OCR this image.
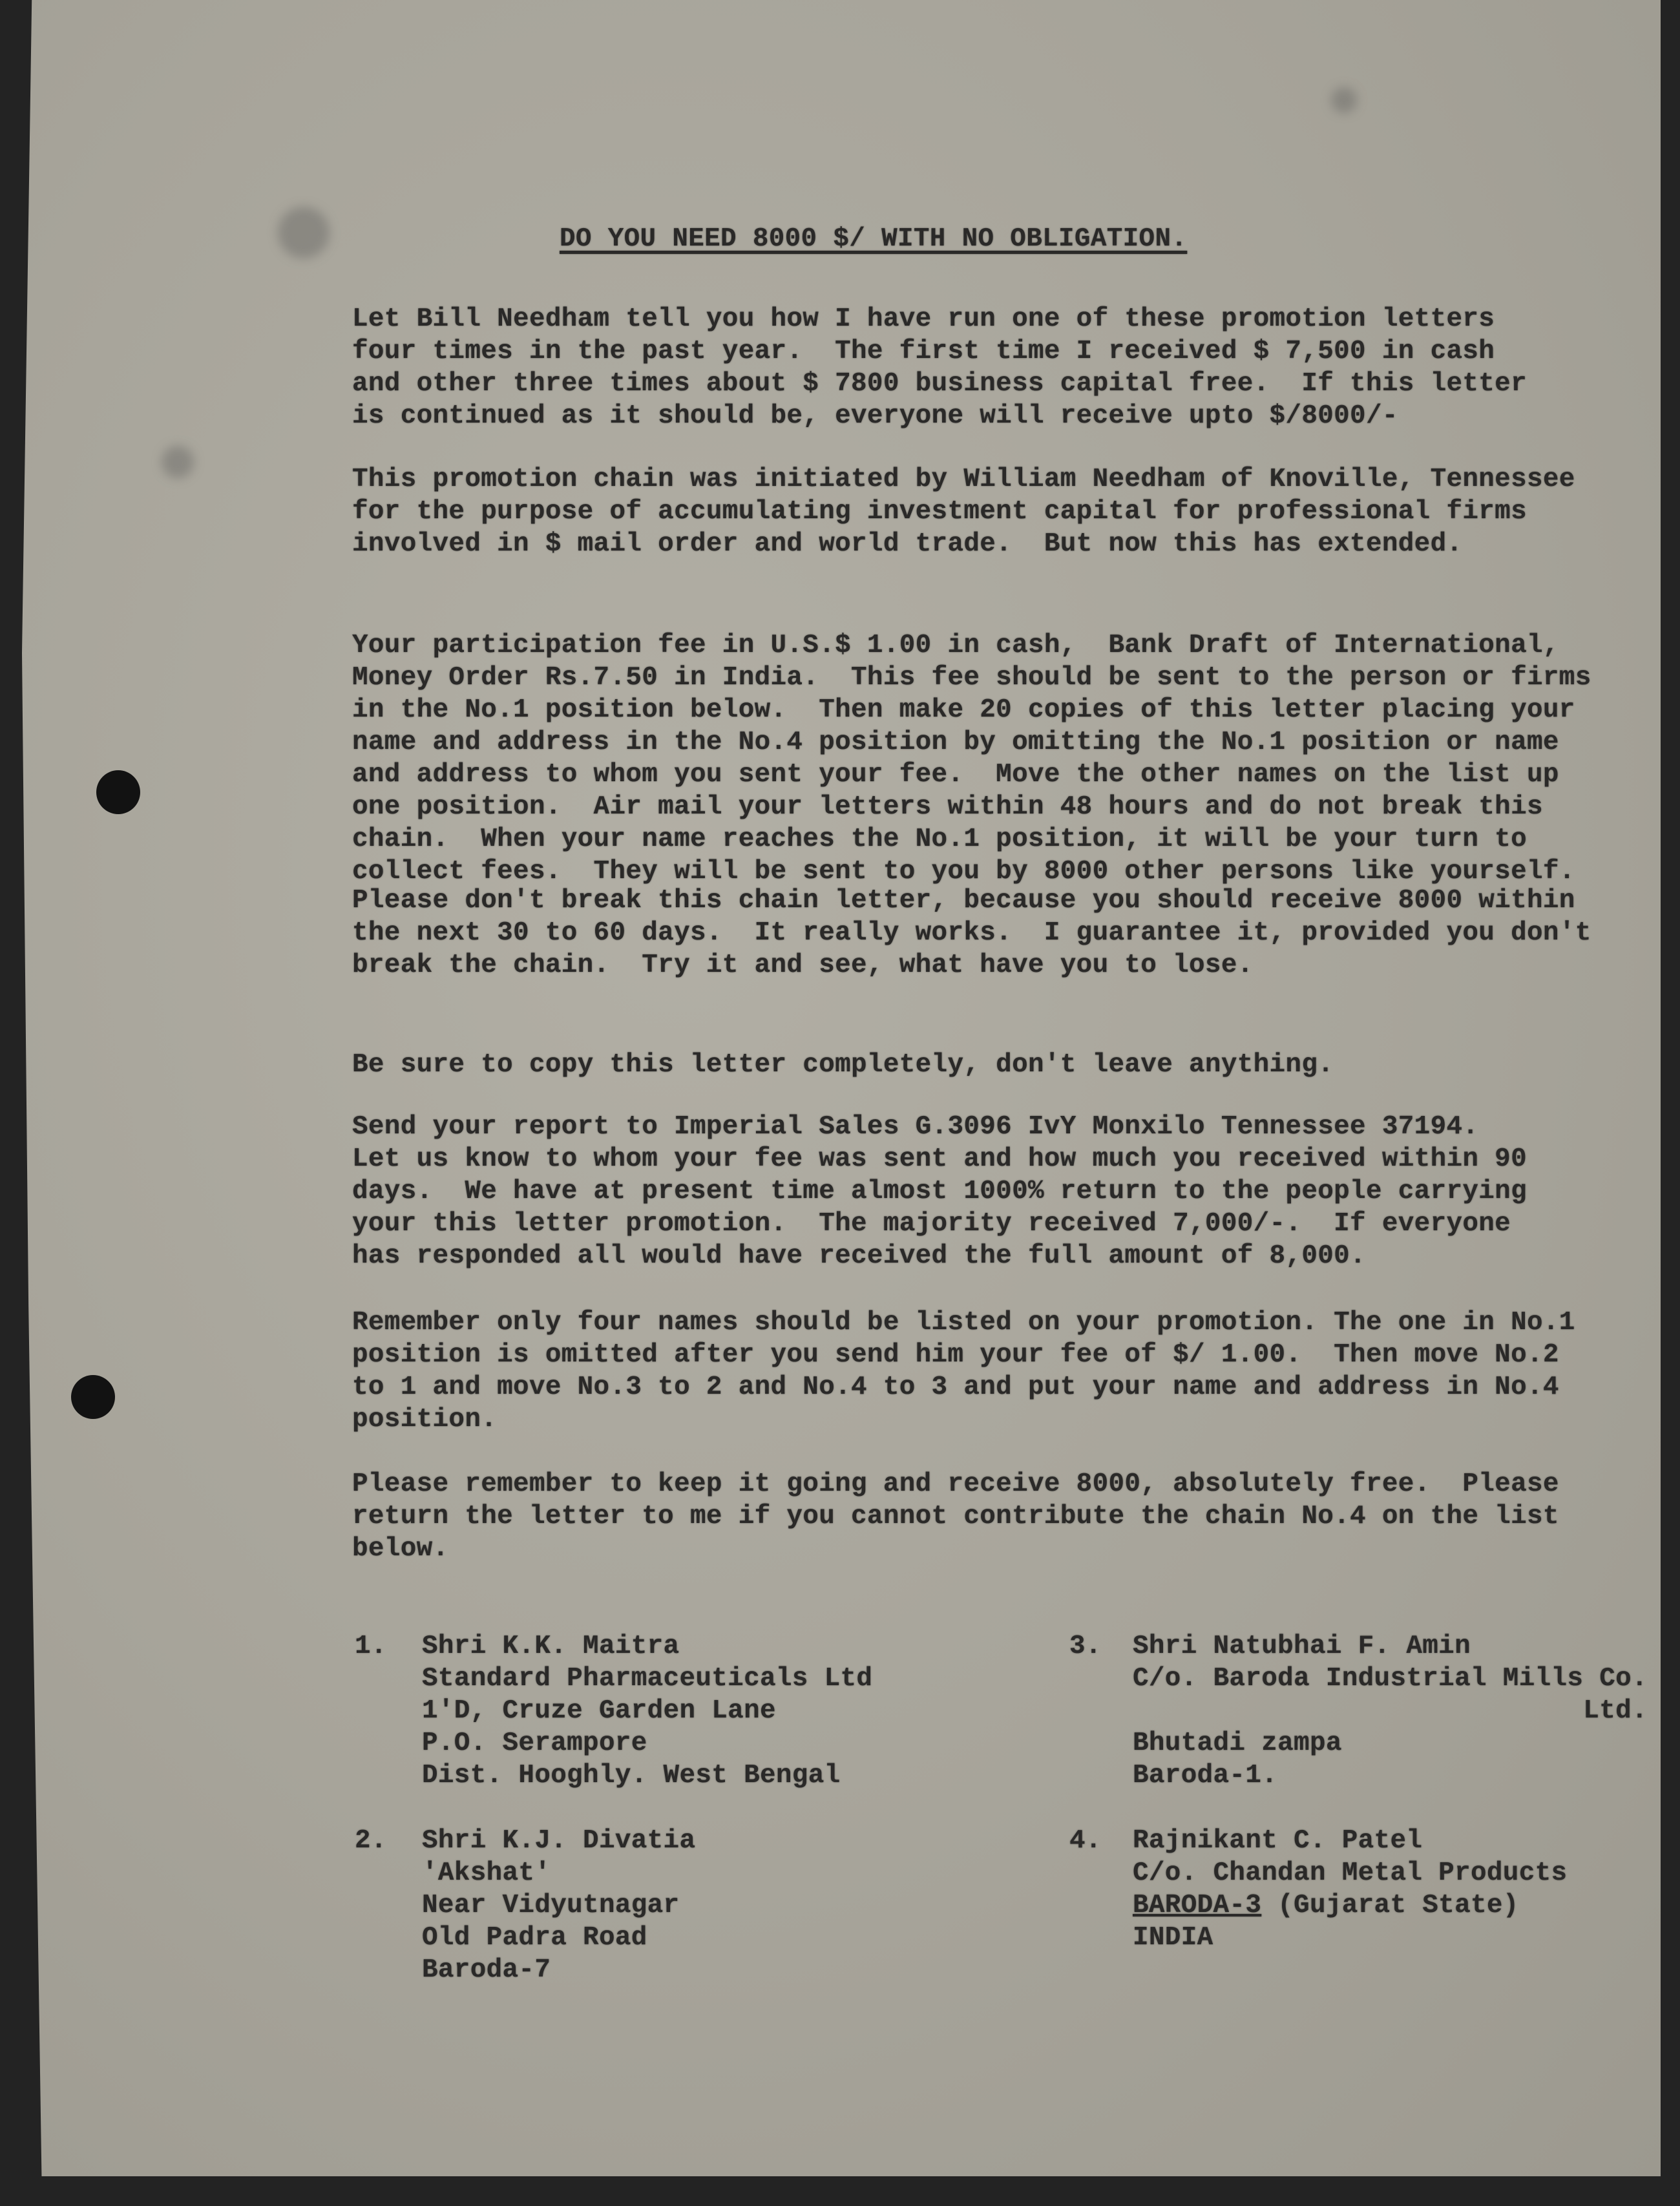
DO YOU NEED 8000 $/ WITH NO OBLIGATION.
Let Bill Needham tell you how I have run one of these promotion letters
four times in the past year.  The first time I received $ 7,500 in cash
and other three times about $ 7800 business capital free.  If this letter
is continued as it should be, everyone will receive upto $/8000/-
This promotion chain was initiated by William Needham of Knoville, Tennessee
for the purpose of accumulating investment capital for professional firms
involved in $ mail order and world trade.  But now this has extended.
Your participation fee in U.S.$ 1.00 in cash,  Bank Draft of International,
Money Order Rs.7.50 in India.  This fee should be sent to the person or firms
in the No.1 position below.  Then make 20 copies of this letter placing your
name and address in the No.4 position by omitting the No.1 position or name
and address to whom you sent your fee.  Move the other names on the list up
one position.  Air mail your letters within 48 hours and do not break this
chain.  When your name reaches the No.1 position, it will be your turn to
collect fees.  They will be sent to you by 8000 other persons like yourself.
Please don't break this chain letter, because you should receive 8000 within
the next 30 to 60 days.  It really works.  I guarantee it, provided you don't
break the chain.  Try it and see, what have you to lose.
Be sure to copy this letter completely, don't leave anything.
Send your report to Imperial Sales G.3096 IvY Monxilo Tennessee 37194.
Let us know to whom your fee was sent and how much you received within 90
days.  We have at present time almost 1000% return to the people carrying
your this letter promotion.  The majority received 7,000/-.  If everyone
has responded all would have received the full amount of 8,000.
Remember only four names should be listed on your promotion. The one in No.1
position is omitted after you send him your fee of $/ 1.00.  Then move No.2
to 1 and move No.3 to 2 and No.4 to 3 and put your name and address in No.4
position.
Please remember to keep it going and receive 8000, absolutely free.  Please
return the letter to me if you cannot contribute the chain No.4 on the list
below.
1. Shri K.K. Maitra
Standard Pharmaceuticals Ltd
1'D, Cruze Garden Lane
P.O. Serampore
Dist. Hooghly. West Bengal
2. Shri K.J. Divatia
'Akshat'
Near Vidyutnagar
Old Padra Road
Baroda-7
3. Shri Natubhai F. Amin
C/o. Baroda Industrial Mills Co.
Ltd.
Bhutadi zampa
Baroda-1.
4. Rajnikant C. Patel
C/o. Chandan Metal Products
BARODA-3 (Gujarat State)
INDIA
